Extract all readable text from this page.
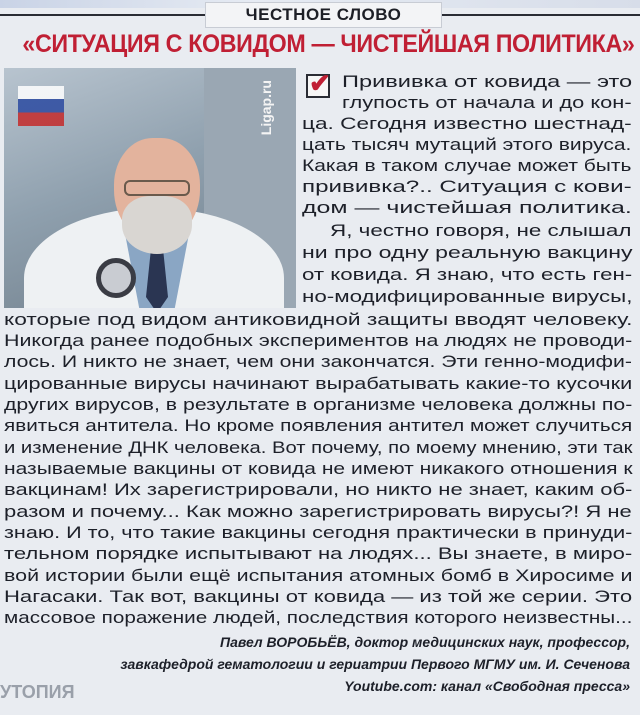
ЧЕСТНОЕ СЛОВО
«СИТУАЦИЯ С КОВИДОМ — ЧИСТЕЙШАЯ ПОЛИТИКА»
Ligap.ru ✔ Прививка от ковида — это
глупость от начала и до кон-
ца. Сегодня известно шестнад-
цать тысяч мутаций этого вируса.
Какая в таком случае может быть
прививка?.. Ситуация с кови-
дом — чистейшая политика.
Я, честно говоря, не слышал
ни про одну реальную вакцину
от ковида. Я знаю, что есть ген-
но-модифицированные вирусы,
которые под видом антиковидной защиты вводят человеку.
Никогда ранее подобных экспериментов на людях не проводи-
лось. И никто не знает, чем они закончатся. Эти генно-модифи-
цированные вирусы начинают вырабатывать какие-то кусочки
других вирусов, в результате в организме человека должны по-
явиться антитела. Но кроме появления антител может случиться
и изменение ДНК человека. Вот почему, по моему мнению, эти так
называемые вакцины от ковида не имеют никакого отношения к
вакцинам! Их зарегистрировали, но никто не знает, каким об-
разом и почему... Как можно зарегистрировать вирусы?! Я не
знаю. И то, что такие вакцины сегодня практически в принуди-
тельном порядке испытывают на людях... Вы знаете, в миро-
вой истории были ещё испытания атомных бомб в Хиросиме и
Нагасаки. Так вот, вакцины от ковида — из той же серии. Это
массовое поражение людей, последствия которого неизвестны...
Павел ВОРОБЬЁВ, доктор медицинских наук, профессор,
завкафедрой гематологии и гериатрии Первого МГМУ им. И. Сеченова
Youtube.com: канал «Свободная пресса»
УТОПИЯ
